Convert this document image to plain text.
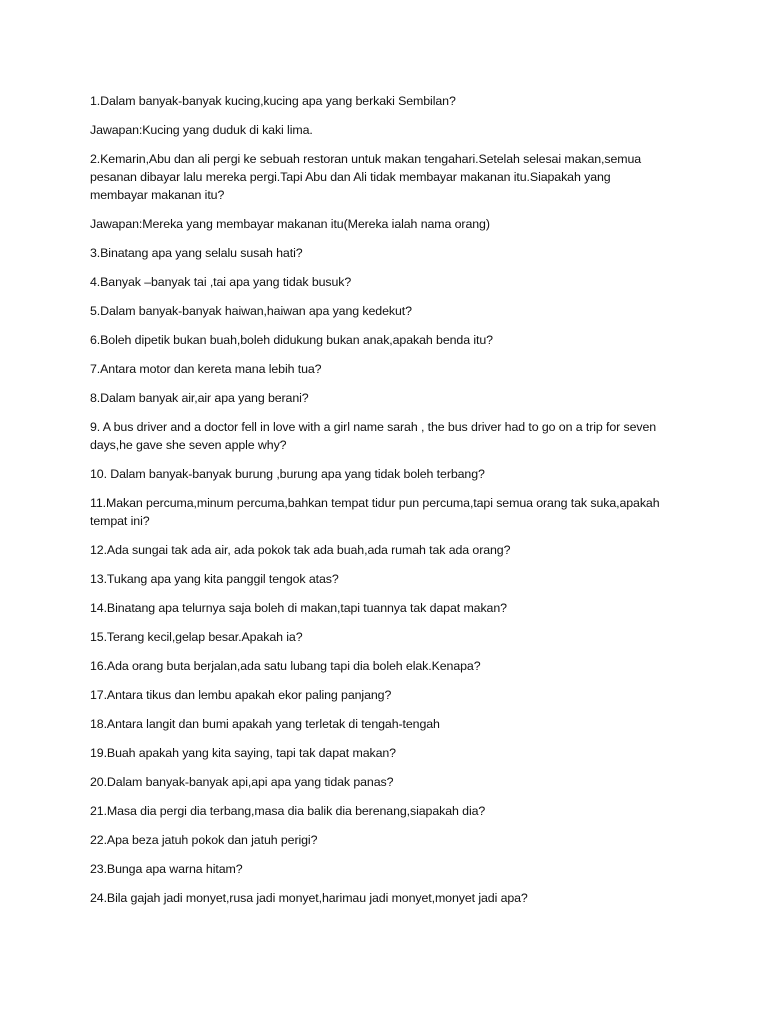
1.Dalam banyak-banyak kucing,kucing apa yang berkaki Sembilan?

Jawapan:Kucing yang duduk di kaki lima.

2.Kemarin,Abu dan ali pergi ke sebuah restoran untuk makan tengahari.Setelah selesai makan,semua pesanan dibayar lalu mereka pergi.Tapi Abu dan Ali tidak membayar makanan itu.Siapakah yang membayar makanan itu?

Jawapan:Mereka yang membayar makanan itu(Mereka ialah nama orang)

3.Binatang apa yang selalu susah hati?

4.Banyak –banyak tai ,tai apa yang tidak busuk?

5.Dalam banyak-banyak haiwan,haiwan apa yang kedekut?

6.Boleh dipetik bukan buah,boleh didukung bukan anak,apakah benda itu?

7.Antara motor dan kereta mana lebih tua?

8.Dalam banyak air,air apa yang berani?

9. A bus driver and a doctor fell in love with a girl name sarah , the bus driver had to go on a trip for seven days,he gave she seven apple why?

10. Dalam banyak-banyak burung ,burung apa yang tidak boleh terbang?

11.Makan percuma,minum percuma,bahkan tempat tidur pun percuma,tapi semua orang tak suka,apakah tempat ini?

12.Ada sungai tak ada air, ada pokok tak ada buah,ada rumah tak ada orang?

13.Tukang apa yang kita panggil tengok atas?

14.Binatang apa telurnya saja boleh di makan,tapi tuannya tak dapat makan?

15.Terang kecil,gelap besar.Apakah ia?

16.Ada orang buta berjalan,ada satu lubang tapi dia boleh elak.Kenapa?

17.Antara tikus dan lembu apakah ekor paling panjang?

18.Antara langit dan bumi apakah yang terletak di tengah-tengah

19.Buah apakah yang kita saying, tapi tak dapat makan?

20.Dalam banyak-banyak api,api apa yang tidak panas?

21.Masa dia pergi dia terbang,masa dia balik dia berenang,siapakah dia?

22.Apa beza jatuh pokok dan jatuh perigi?

23.Bunga apa warna hitam?

24.Bila gajah jadi monyet,rusa jadi monyet,harimau jadi monyet,monyet jadi apa?
